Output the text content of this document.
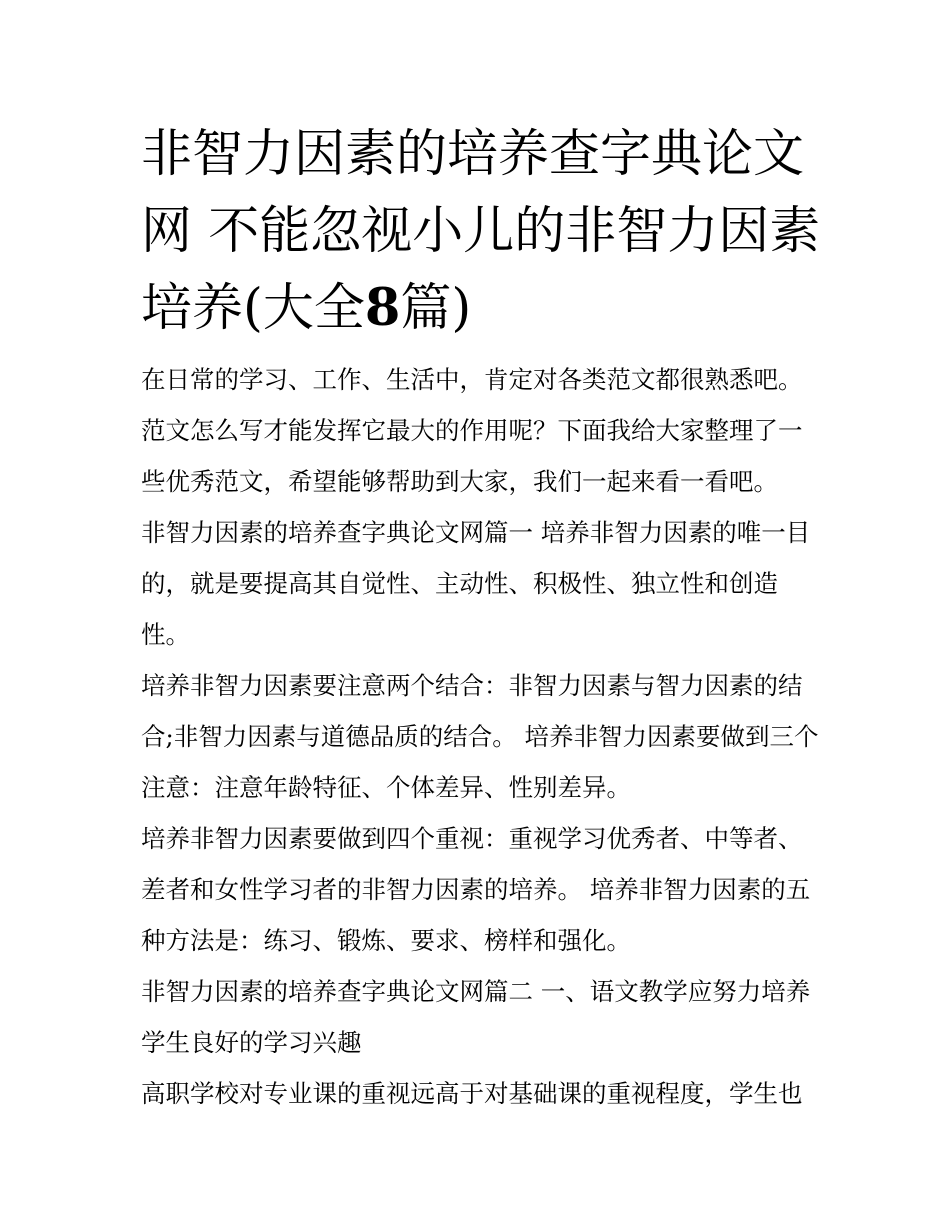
非智力因素的培养查字典论文网 不能忽视小儿的非智力因素培养(大全8篇)

在日常的学习、工作、生活中，肯定对各类范文都很熟悉吧。范文怎么写才能发挥它最大的作用呢？下面我给大家整理了一些优秀范文，希望能够帮助到大家，我们一起来看一看吧。

非智力因素的培养查字典论文网篇一 培养非智力因素的唯一目的，就是要提高其自觉性、主动性、积极性、独立性和创造性。

培养非智力因素要注意两个结合：非智力因素与智力因素的结合;非智力因素与道德品质的结合。 培养非智力因素要做到三个注意：注意年龄特征、个体差异、性别差异。

培养非智力因素要做到四个重视：重视学习优秀者、中等者、差者和女性学习者的非智力因素的培养。 培养非智力因素的五种方法是：练习、锻炼、要求、榜样和强化。

非智力因素的培养查字典论文网篇二 一、语文教学应努力培养学生良好的学习兴趣

高职学校对专业课的重视远高于对基础课的重视程度，学生也
